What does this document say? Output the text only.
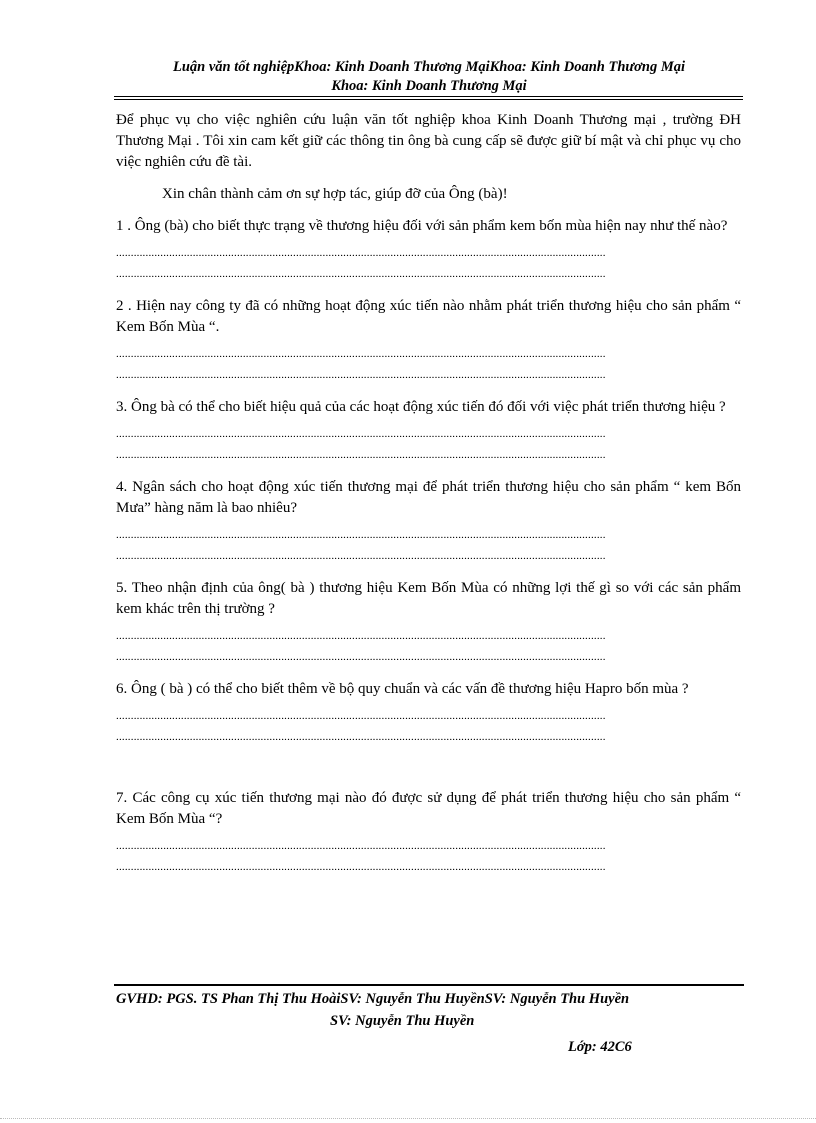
Luận văn tốt nghiệpKhoa: Kinh Doanh Thương MạiKhoa: Kinh Doanh Thương Mại
Khoa: Kinh Doanh Thương Mại

Để phục vụ cho việc nghiên cứu luận văn tốt nghiệp khoa Kinh Doanh Thương mại , trường ĐH Thương Mại . Tôi xin cam kết giữ các thông tin ông bà cung cấp sẽ được giữ bí mật và chỉ phục vụ cho việc nghiên cứu đề tài.

Xin chân thành cảm ơn sự hợp tác, giúp đỡ của Ông (bà)!

1 . Ông (bà) cho biết thực trạng về thương hiệu đối với sản phẩm kem bốn mùa hiện nay như thế nào?

......................................................................................................................................................................
......................................................................................................................................................................

2 . Hiện nay công ty đã có những hoạt động xúc tiến nào nhằm phát triển thương hiệu cho sản phẩm “ Kem Bốn Mùa “.

......................................................................................................................................................................
......................................................................................................................................................................

3. Ông bà có thể cho biết hiệu quả của các hoạt động xúc tiến đó đối với việc phát triển thương hiệu ?

......................................................................................................................................................................
......................................................................................................................................................................

4. Ngân sách cho hoạt động xúc tiến thương mại để phát triển thương hiệu cho sản phẩm “ kem Bốn Mưa” hàng năm là bao nhiêu?

......................................................................................................................................................................
......................................................................................................................................................................

5. Theo nhận định của ông( bà ) thương hiệu Kem Bốn Mùa có những lợi thế gì so với các sản phẩm kem khác trên thị trường ?

......................................................................................................................................................................
......................................................................................................................................................................

6. Ông ( bà ) có thể cho biết thêm về bộ quy chuẩn và các vấn đề thương hiệu Hapro bốn mùa ?

......................................................................................................................................................................
......................................................................................................................................................................

7. Các công cụ xúc tiến thương mại nào đó được sử dụng để phát triển thương hiệu cho sản phẩm “ Kem Bốn Mùa “?

......................................................................................................................................................................
......................................................................................................................................................................
GVHD: PGS. TS Phan Thị Thu HoàiSV: Nguyễn Thu HuyềnSV: Nguyễn Thu Huyền
SV: Nguyễn Thu Huyền
Lớp: 42C6
